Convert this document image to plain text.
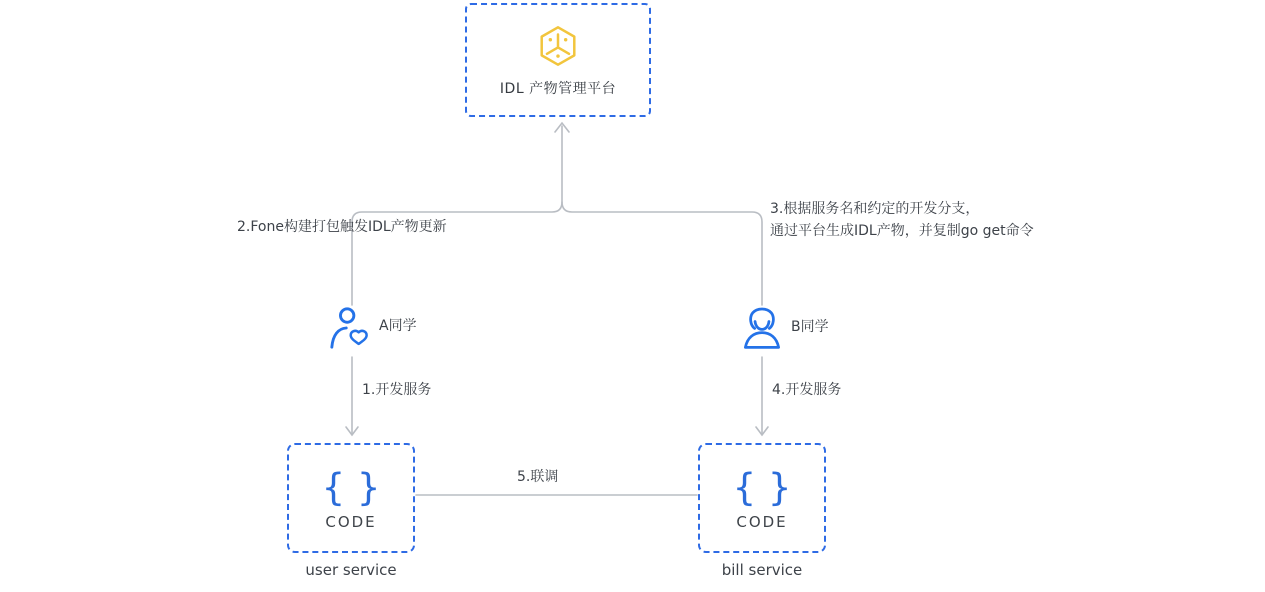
IDL 产物管理平台
A同学	B同学
2.Fone构建打包触发IDL产物更新
3.根据服务名和约定的开发分支，
通过平台生成IDL产物，并复制go get命令
1.开发服务	4.开发服务
5.联调
{ }
CODE
user service
{ }
CODE
bill service
